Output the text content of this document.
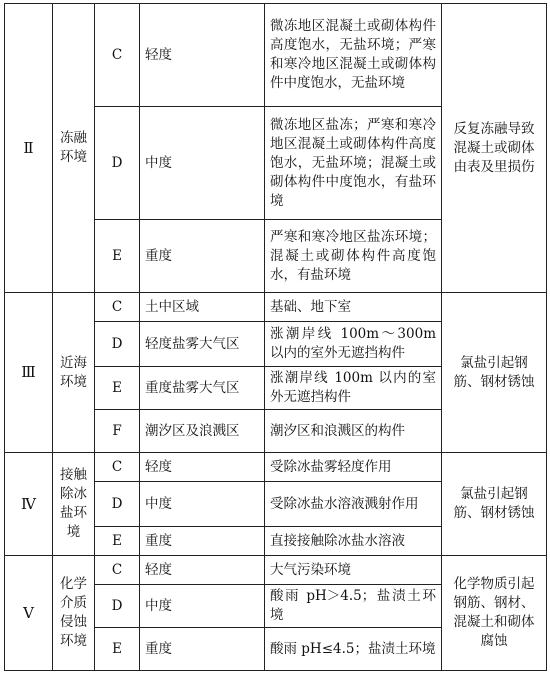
Ⅱ	冻融环境	C	轻度	微冻地区混凝土或砌体构件高度饱水，无盐环境；严寒和寒冷地区混凝土或砌体构件中度饱水，无盐环境	反复冻融导致混凝土或砌体由表及里损伤
		D	中度	微冻地区盐冻；严寒和寒冷地区混凝土或砌体构件高度饱水，无盐环境；混凝土或砌体构件中度饱水，有盐环境	
		E	重度	严寒和寒冷地区盐冻环境；混凝土或砌体构件高度饱水，有盐环境	
Ⅲ	近海环境	C	土中区域	基础、地下室	氯盐引起钢筋、钢材锈蚀
		D	轻度盐雾大气区	涨潮岸线 100m～300m 以内的室外无遮挡构件	
		E	重度盐雾大气区	涨潮岸线 100m 以内的室外无遮挡构件	
		F	潮汐区及浪溅区	潮汐区和浪溅区的构件	
Ⅳ	接触除冰盐环境	C	轻度	受除冰盐雾轻度作用	氯盐引起钢筋、钢材锈蚀
		D	中度	受除冰盐水溶液溅射作用	
		E	重度	直接接触除冰盐水溶液	
Ⅴ	化学介质侵蚀环境	C	轻度	大气污染环境	化学物质引起钢筋、钢材、混凝土和砌体腐蚀
		D	中度	酸雨 pH＞4.5；盐渍土环境	
		E	重度	酸雨 pH≤4.5；盐渍土环境	
